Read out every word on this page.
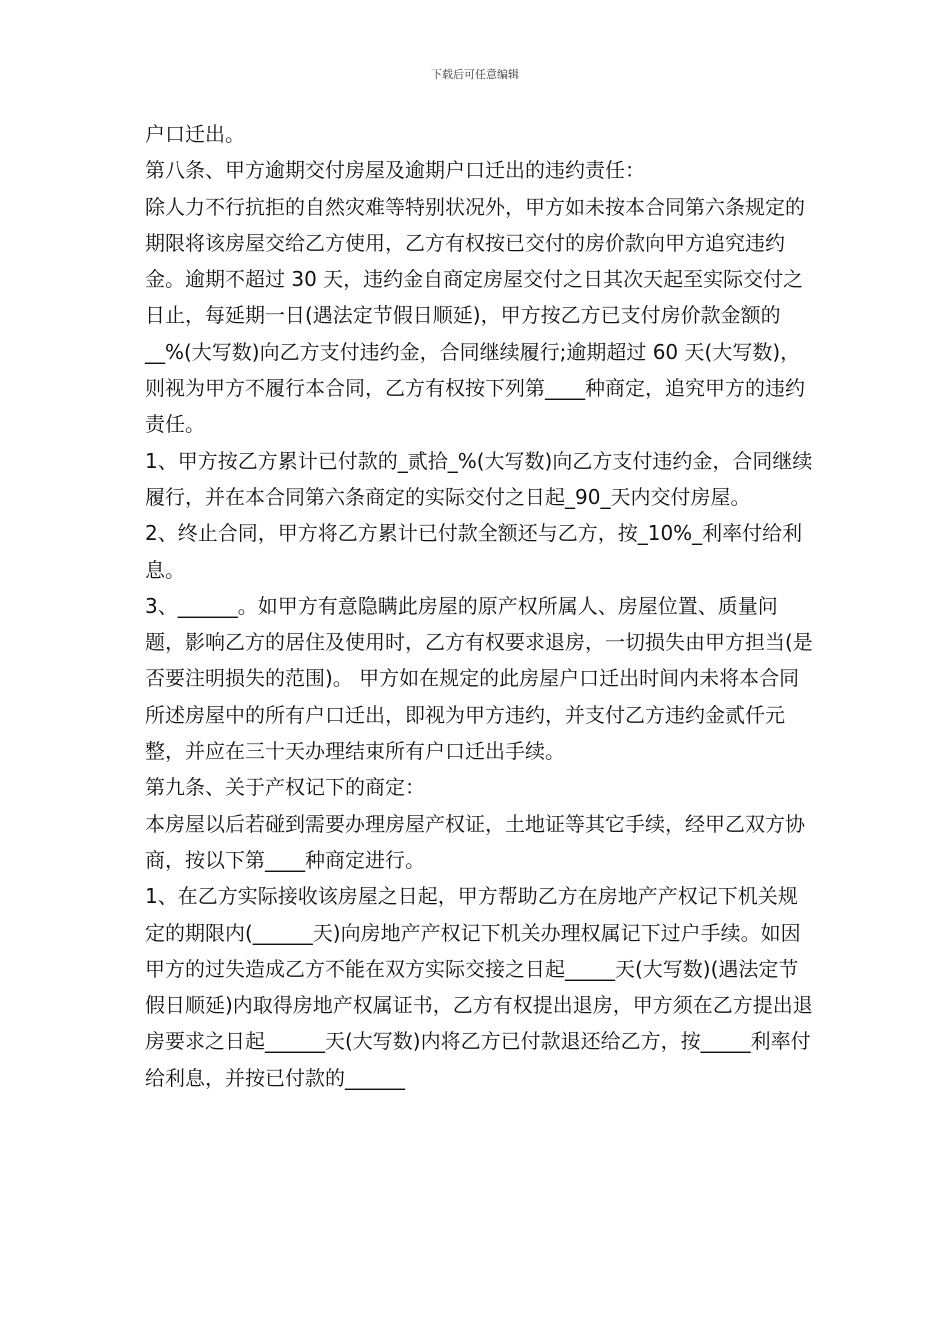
下载后可任意编辑

户口迁出。

第八条、甲方逾期交付房屋及逾期户口迁出的违约责任：

除人力不行抗拒的自然灾难等特别状况外，甲方如未按本合同第六条规定的期限将该房屋交给乙方使用，乙方有权按已交付的房价款向甲方追究违约金。逾期不超过 30 天，违约金自商定房屋交付之日其次天起至实际交付之日止，每延期一日(遇法定节假日顺延)，甲方按乙方已支付房价款金额的__%(大写数)向乙方支付违约金，合同继续履行;逾期超过 60 天(大写数)，则视为甲方不履行本合同，乙方有权按下列第____种商定，追究甲方的违约责任。

1、甲方按乙方累计已付款的_贰拾_%(大写数)向乙方支付违约金，合同继续履行，并在本合同第六条商定的实际交付之日起_90_天内交付房屋。

2、终止合同，甲方将乙方累计已付款全额还与乙方，按_10%_利率付给利息。

3、______。如甲方有意隐瞒此房屋的原产权所属人、房屋位置、质量问题，影响乙方的居住及使用时，乙方有权要求退房，一切损失由甲方担当(是否要注明损失的范围)。 甲方如在规定的此房屋户口迁出时间内未将本合同所述房屋中的所有户口迁出，即视为甲方违约，并支付乙方违约金贰仟元整，并应在三十天办理结束所有户口迁出手续。

第九条、关于产权记下的商定：

本房屋以后若碰到需要办理房屋产权证，土地证等其它手续，经甲乙双方协商，按以下第____种商定进行。

1、在乙方实际接收该房屋之日起，甲方帮助乙方在房地产产权记下机关规定的期限内(______天)向房地产产权记下机关办理权属记下过户手续。如因甲方的过失造成乙方不能在双方实际交接之日起_____天(大写数)(遇法定节假日顺延)内取得房地产权属证书，乙方有权提出退房，甲方须在乙方提出退房要求之日起______天(大写数)内将乙方已付款退还给乙方，按_____利率付给利息，并按已付款的______
